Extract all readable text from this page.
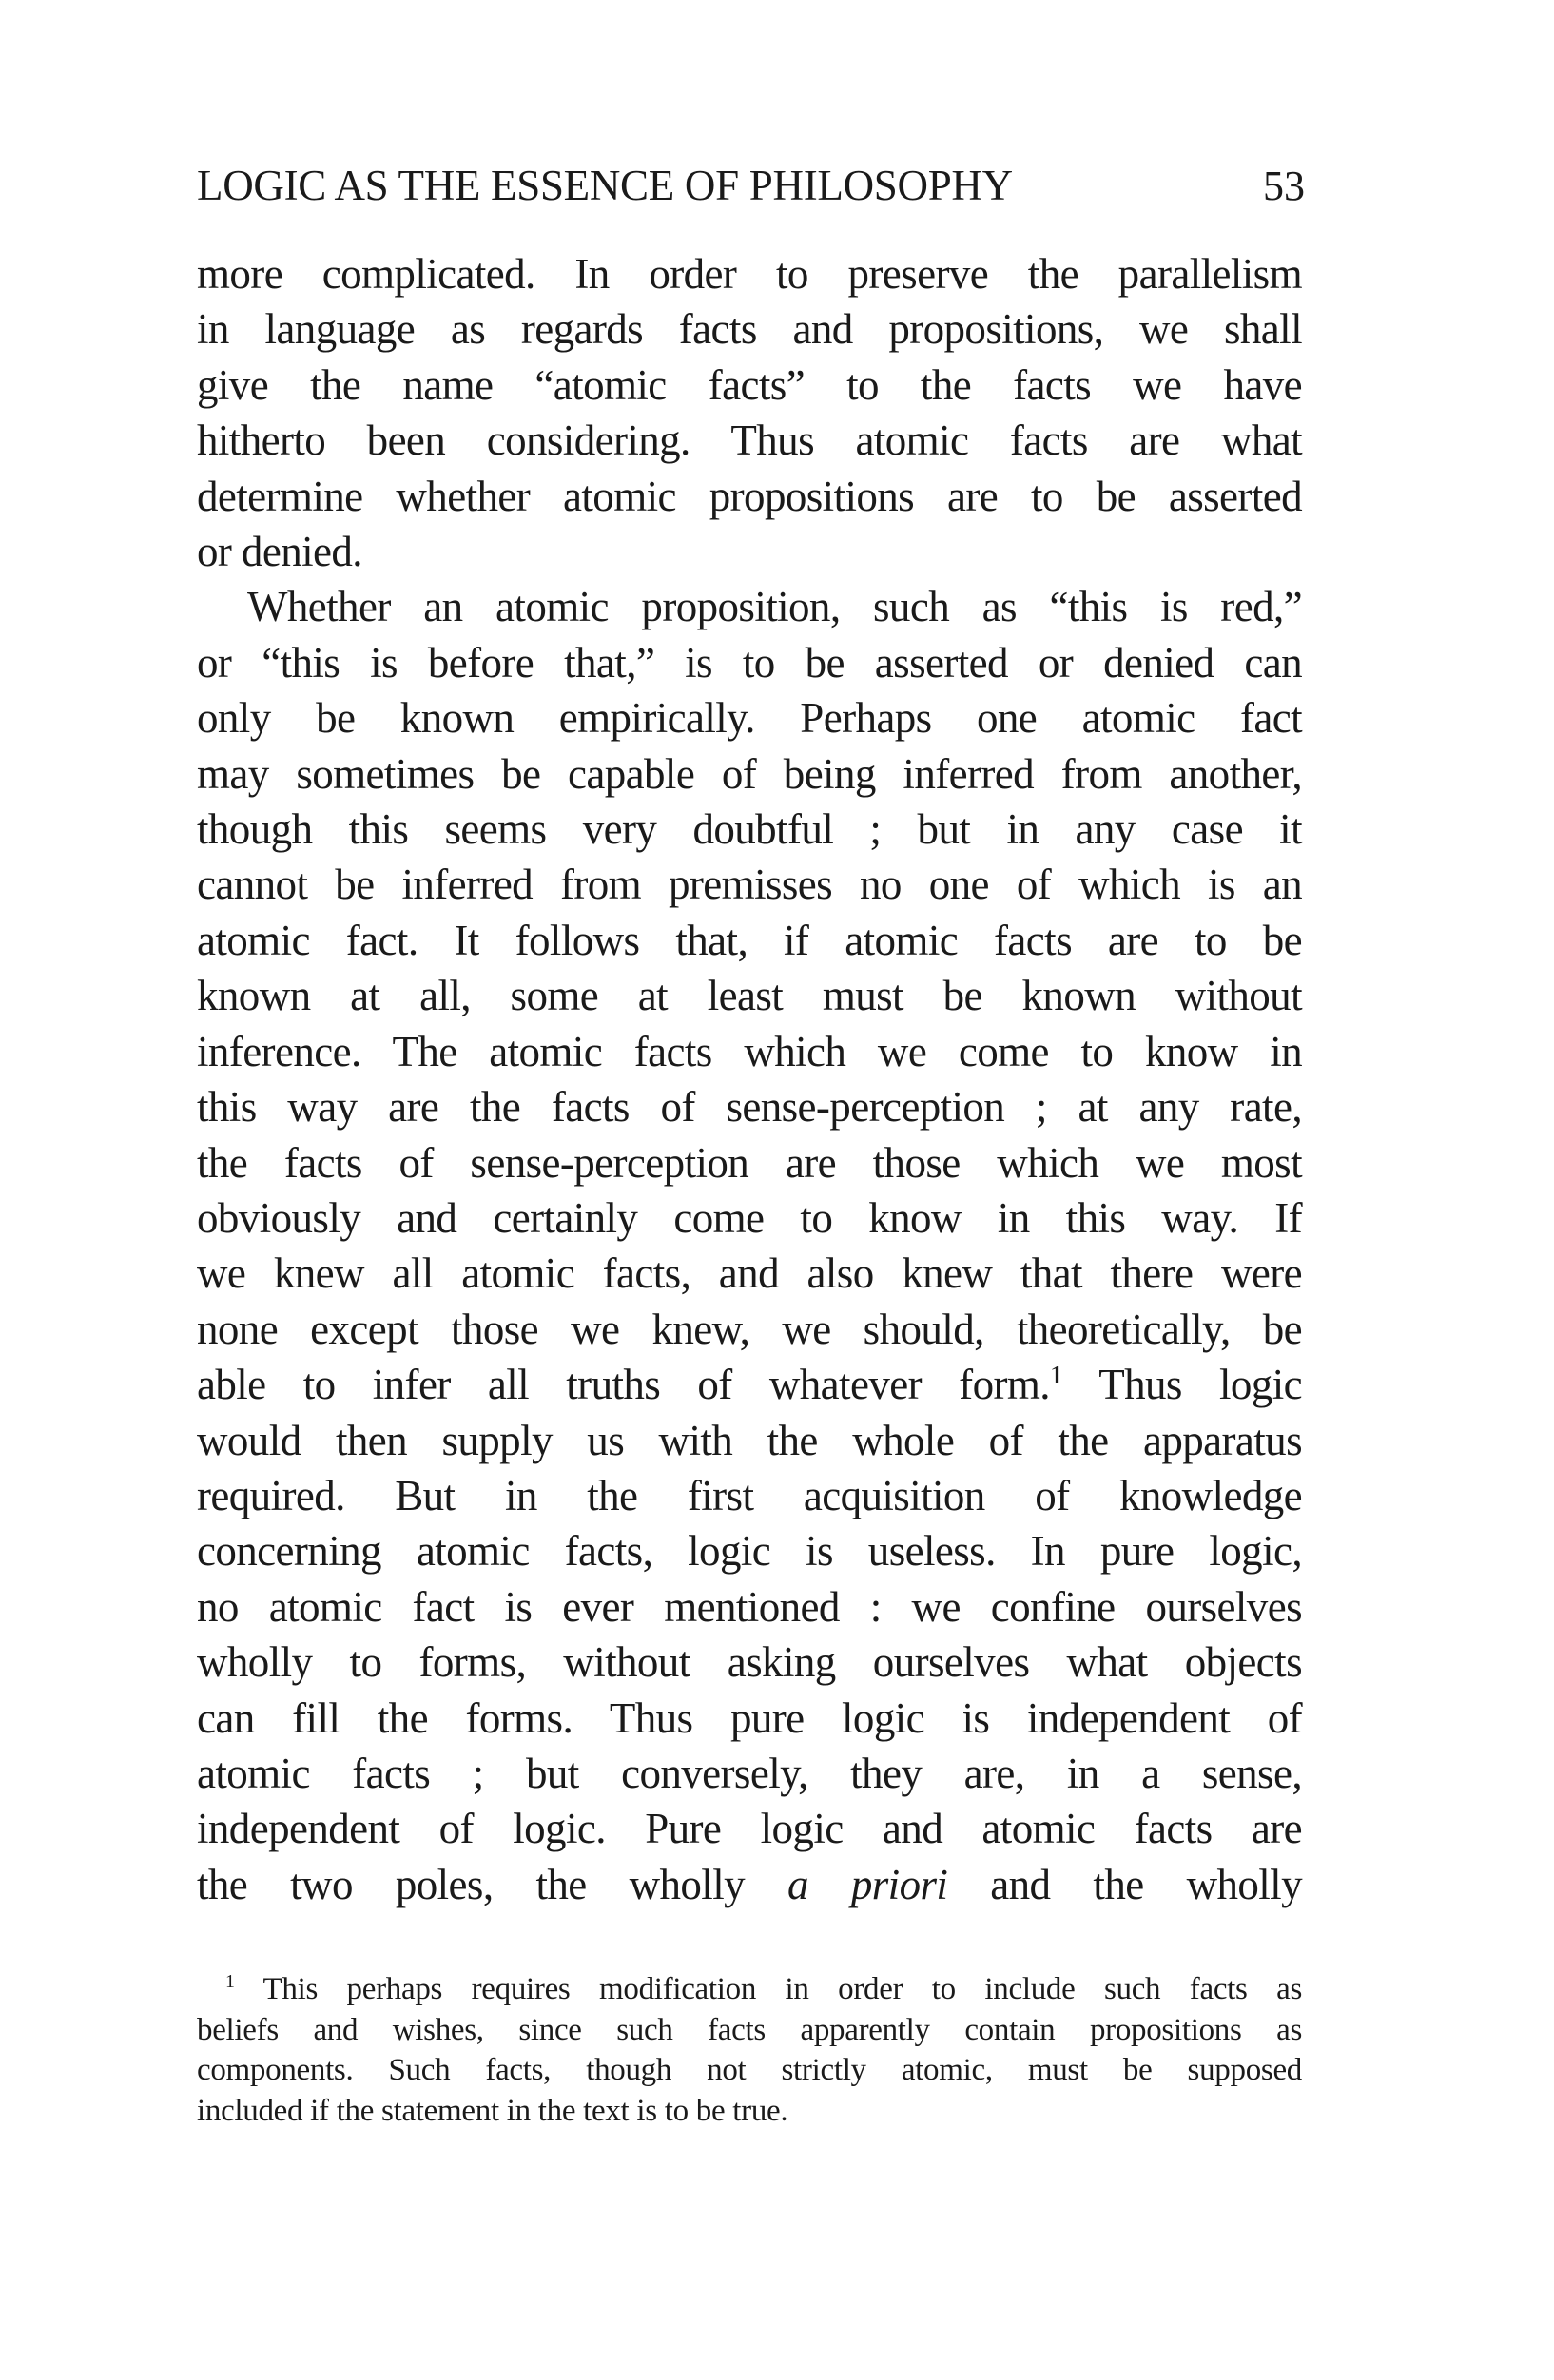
LOGIC AS THE ESSENCE OF PHILOSOPHY	53
more complicated. In order to preserve the parallelism
in language as regards facts and propositions, we shall
give the name “atomic facts” to the facts we have
hitherto been considering. Thus atomic facts are what
determine whether atomic propositions are to be asserted
or denied.
Whether an atomic proposition, such as “this is red,”
or “this is before that,” is to be asserted or denied can
only be known empirically. Perhaps one atomic fact
may sometimes be capable of being inferred from another,
though this seems very doubtful ; but in any case it
cannot be inferred from premisses no one of which is an
atomic fact. It follows that, if atomic facts are to be
known at all, some at least must be known without
inference. The atomic facts which we come to know in
this way are the facts of sense-perception ; at any rate,
the facts of sense-perception are those which we most
obviously and certainly come to know in this way. If
we knew all atomic facts, and also knew that there were
none except those we knew, we should, theoretically, be
able to infer all truths of whatever form.$^1$ Thus logic
would then supply us with the whole of the apparatus
required. But in the first acquisition of knowledge
concerning atomic facts, logic is useless. In pure logic,
no atomic fact is ever mentioned : we confine ourselves
wholly to forms, without asking ourselves what objects
can fill the forms. Thus pure logic is independent of
atomic facts ; but conversely, they are, in a sense,
independent of logic. Pure logic and atomic facts are
the two poles, the wholly a priori and the wholly
$^1$ This perhaps requires modification in order to include such facts as
beliefs and wishes, since such facts apparently contain propositions as
components. Such facts, though not strictly atomic, must be supposed
included if the statement in the text is to be true.
